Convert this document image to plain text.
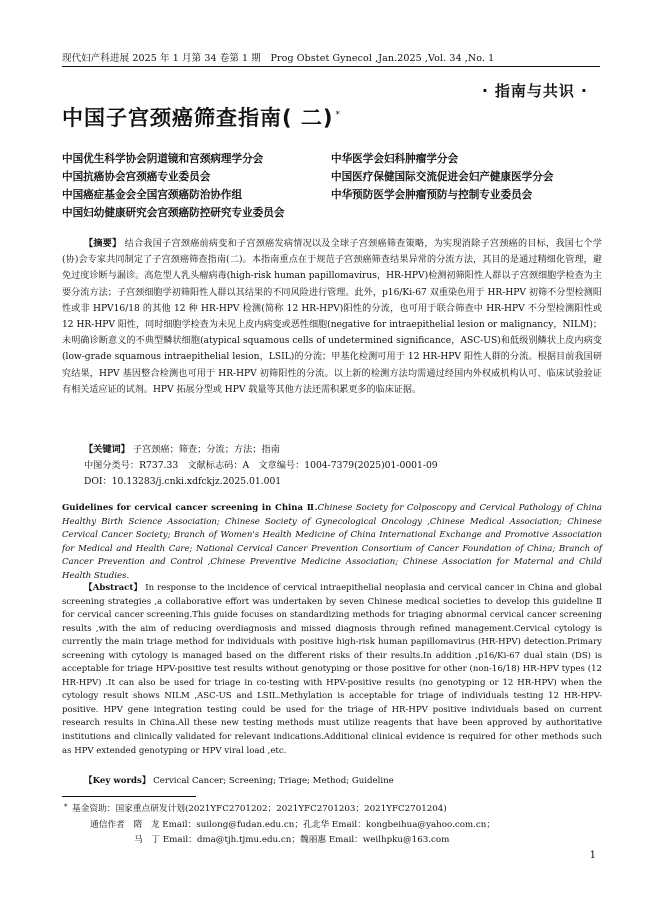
现代妇产科进展 2025 年 1 月第 34 卷第 1 期　Prog Obstet Gynecol ,Jan.2025 ,Vol. 34 ,No. 1
· 指南与共识 ·
中国子宫颈癌筛查指南( 二) *
中国优生科学协会阴道镜和宫颈病理学分会
中国抗癌协会宫颈癌专业委员会
中国癌症基金会全国宫颈癌防治协作组
中国妇幼健康研究会宫颈癌防控研究专业委员会
中华医学会妇科肿瘤学分会
中国医疗保健国际交流促进会妇产健康医学分会
中华预防医学会肿瘤预防与控制专业委员会
【摘要】 结合我国子宫颈癌前病变和子宫颈癌发病情况以及全球子宫颈癌筛查策略，为实现消除子宫颈癌的目标，我国七个学(协)会专家共同制定了子宫颈癌筛查指南(二)。本指南重点在于规范子宫颈癌筛查结果异常的分流方法，其目的是通过精细化管理，避免过度诊断与漏诊。高危型人乳头瘤病毒(high-risk human papillomavirus，HR-HPV)检测初筛阳性人群以子宫颈细胞学检查为主要分流方法；子宫颈细胞学初筛阳性人群以其结果的不同风险进行管理。此外，p16/Ki-67 双重染色用于 HR-HPV 初筛不分型检测阳性或非 HPV16/18 的其他 12 种 HR-HPV 检测(简称 12 HR-HPV)阳性的分流，也可用于联合筛查中 HR-HPV 不分型检测阳性或 12 HR-HPV 阳性，同时细胞学检查为未见上皮内病变或恶性细胞(negative for intraepithelial lesion or malignancy，NILM)；未明确诊断意义的不典型鳞状细胞(atypical squamous cells of undetermined significance，ASC-US)和低级别鳞状上皮内病变(low-grade squamous intraepithelial lesion，LSIL)的分流；甲基化检测可用于 12 HR-HPV 阳性人群的分流。根据目前我国研究结果，HPV 基因整合检测也可用于 HR-HPV 初筛阳性的分流。以上新的检测方法均需通过经国内外权威机构认可、临床试验验证有相关适应证的试剂。HPV 拓展分型或 HPV 载量等其他方法还需积累更多的临床证据。
【关键词】 子宫颈癌；筛查；分流；方法；指南
中图分类号：R737.33　文献标志码：A　文章编号：1004-7379(2025)01-0001-09
DOI：10.13283/j.cnki.xdfckjz.2025.01.001
Guidelines for cervical cancer screening in China Ⅱ.Chinese Society for Colposcopy and Cervical Pathology of China Healthy Birth Science Association; Chinese Society of Gynecological Oncology ,Chinese Medical Association; Chinese Cervical Cancer Society; Branch of Women's Health Medicine of China International Exchange and Promotive Association for Medical and Health Care; National Cervical Cancer Prevention Consortium of Cancer Foundation of China; Branch of Cancer Prevention and Control ,Chinese Preventive Medicine Association; Chinese Association for Maternal and Child Health Studies.
【Abstract】 In response to the incidence of cervical intraepithelial neoplasia and cervical cancer in China and global screening strategies ,a collaborative effort was undertaken by seven Chinese medical societies to develop this guideline Ⅱ for cervical cancer screening.This guide focuses on standardizing methods for triaging abnormal cervical cancer screening results ,with the aim of reducing overdiagnosis and missed diagnosis through refined management.Cervical cytology is currently the main triage method for individuals with positive high-risk human papillomavirus (HR-HPV) detection.Primary screening with cytology is managed based on the different risks of their results.In addition ,p16/Ki-67 dual stain (DS) is acceptable for triage HPV-positive test results without genotyping or those positive for other (non-16/18) HR-HPV types (12 HR-HPV) .It can also be used for triage in co-testing with HPV-positive results (no genotyping or 12 HR-HPV) when the cytology result shows NILM ,ASC-US and LSIL.Methylation is acceptable for triage of individuals testing 12 HR-HPV-positive. HPV gene integration testing could be used for the triage of HR-HPV positive individuals based on current research results in China.All these new testing methods must utilize reagents that have been approved by authoritative institutions and clinically validated for relevant indications.Additional clinical evidence is required for other methods such as HPV extended genotyping or HPV viral load ,etc.
【Key words】 Cervical Cancer; Screening; Triage; Method; Guideline
* 基金资助：国家重点研发计划(2021YFC2701202；2021YFC2701203；2021YFC2701204)
通信作者　隋　龙 Email：suilong@fudan.edu.cn；孔北华 Email：kongbeihua@yahoo.com.cn；
马　丁 Email：dma@tjh.tjmu.edu.cn；魏丽惠 Email：weilhpku@163.com
1
